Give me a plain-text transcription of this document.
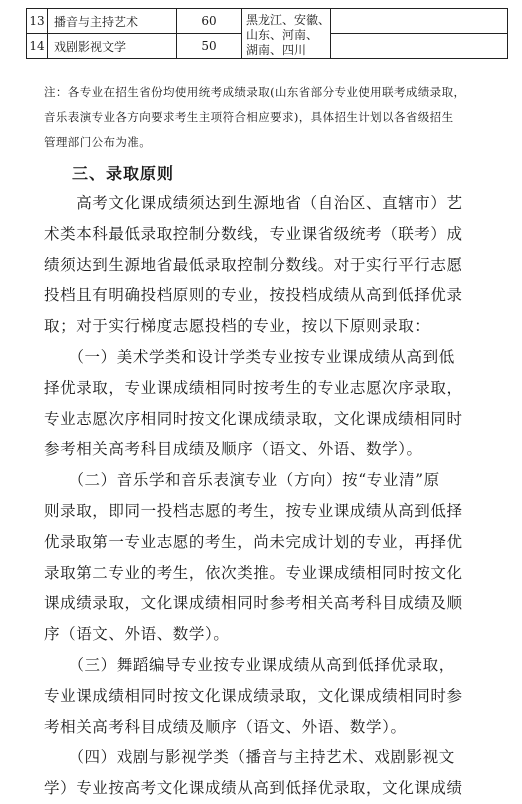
13	播音与主持艺术	60	黑龙江、安徽、
山东、河南、
湖南、四川	

14	戏剧影视文学	50		

注：各专业在招生省份均使用统考成绩录取(山东省部分专业使用联考成绩录取，

音乐表演专业各方向要求考生主项符合相应要求)，具体招生计划以各省级招生

管理部门公布为准。

三、录取原则

　　高考文化课成绩须达到生源地省（自治区、直辖市）艺
术类本科最低录取控制分数线，专业课省级统考（联考）成
绩须达到生源地省最低录取控制分数线。对于实行平行志愿
投档且有明确投档原则的专业，按投档成绩从高到低择优录
取；对于实行梯度志愿投档的专业，按以下原则录取：

　　（一）美术学类和设计学类专业按专业课成绩从高到低
择优录取，专业课成绩相同时按考生的专业志愿次序录取，
专业志愿次序相同时按文化课成绩录取，文化课成绩相同时
参考相关高考科目成绩及顺序（语文、外语、数学）。

　　（二）音乐学和音乐表演专业（方向）按“专业清”原
则录取，即同一投档志愿的考生，按专业课成绩从高到低择
优录取第一专业志愿的考生，尚未完成计划的专业，再择优
录取第二专业的考生，依次类推。专业课成绩相同时按文化
课成绩录取，文化课成绩相同时参考相关高考科目成绩及顺
序（语文、外语、数学）。

　　（三）舞蹈编导专业按专业课成绩从高到低择优录取，
专业课成绩相同时按文化课成绩录取，文化课成绩相同时参
考相关高考科目成绩及顺序（语文、外语、数学）。

　　（四）戏剧与影视学类（播音与主持艺术、戏剧影视文
学）专业按高考文化课成绩从高到低择优录取，文化课成绩
